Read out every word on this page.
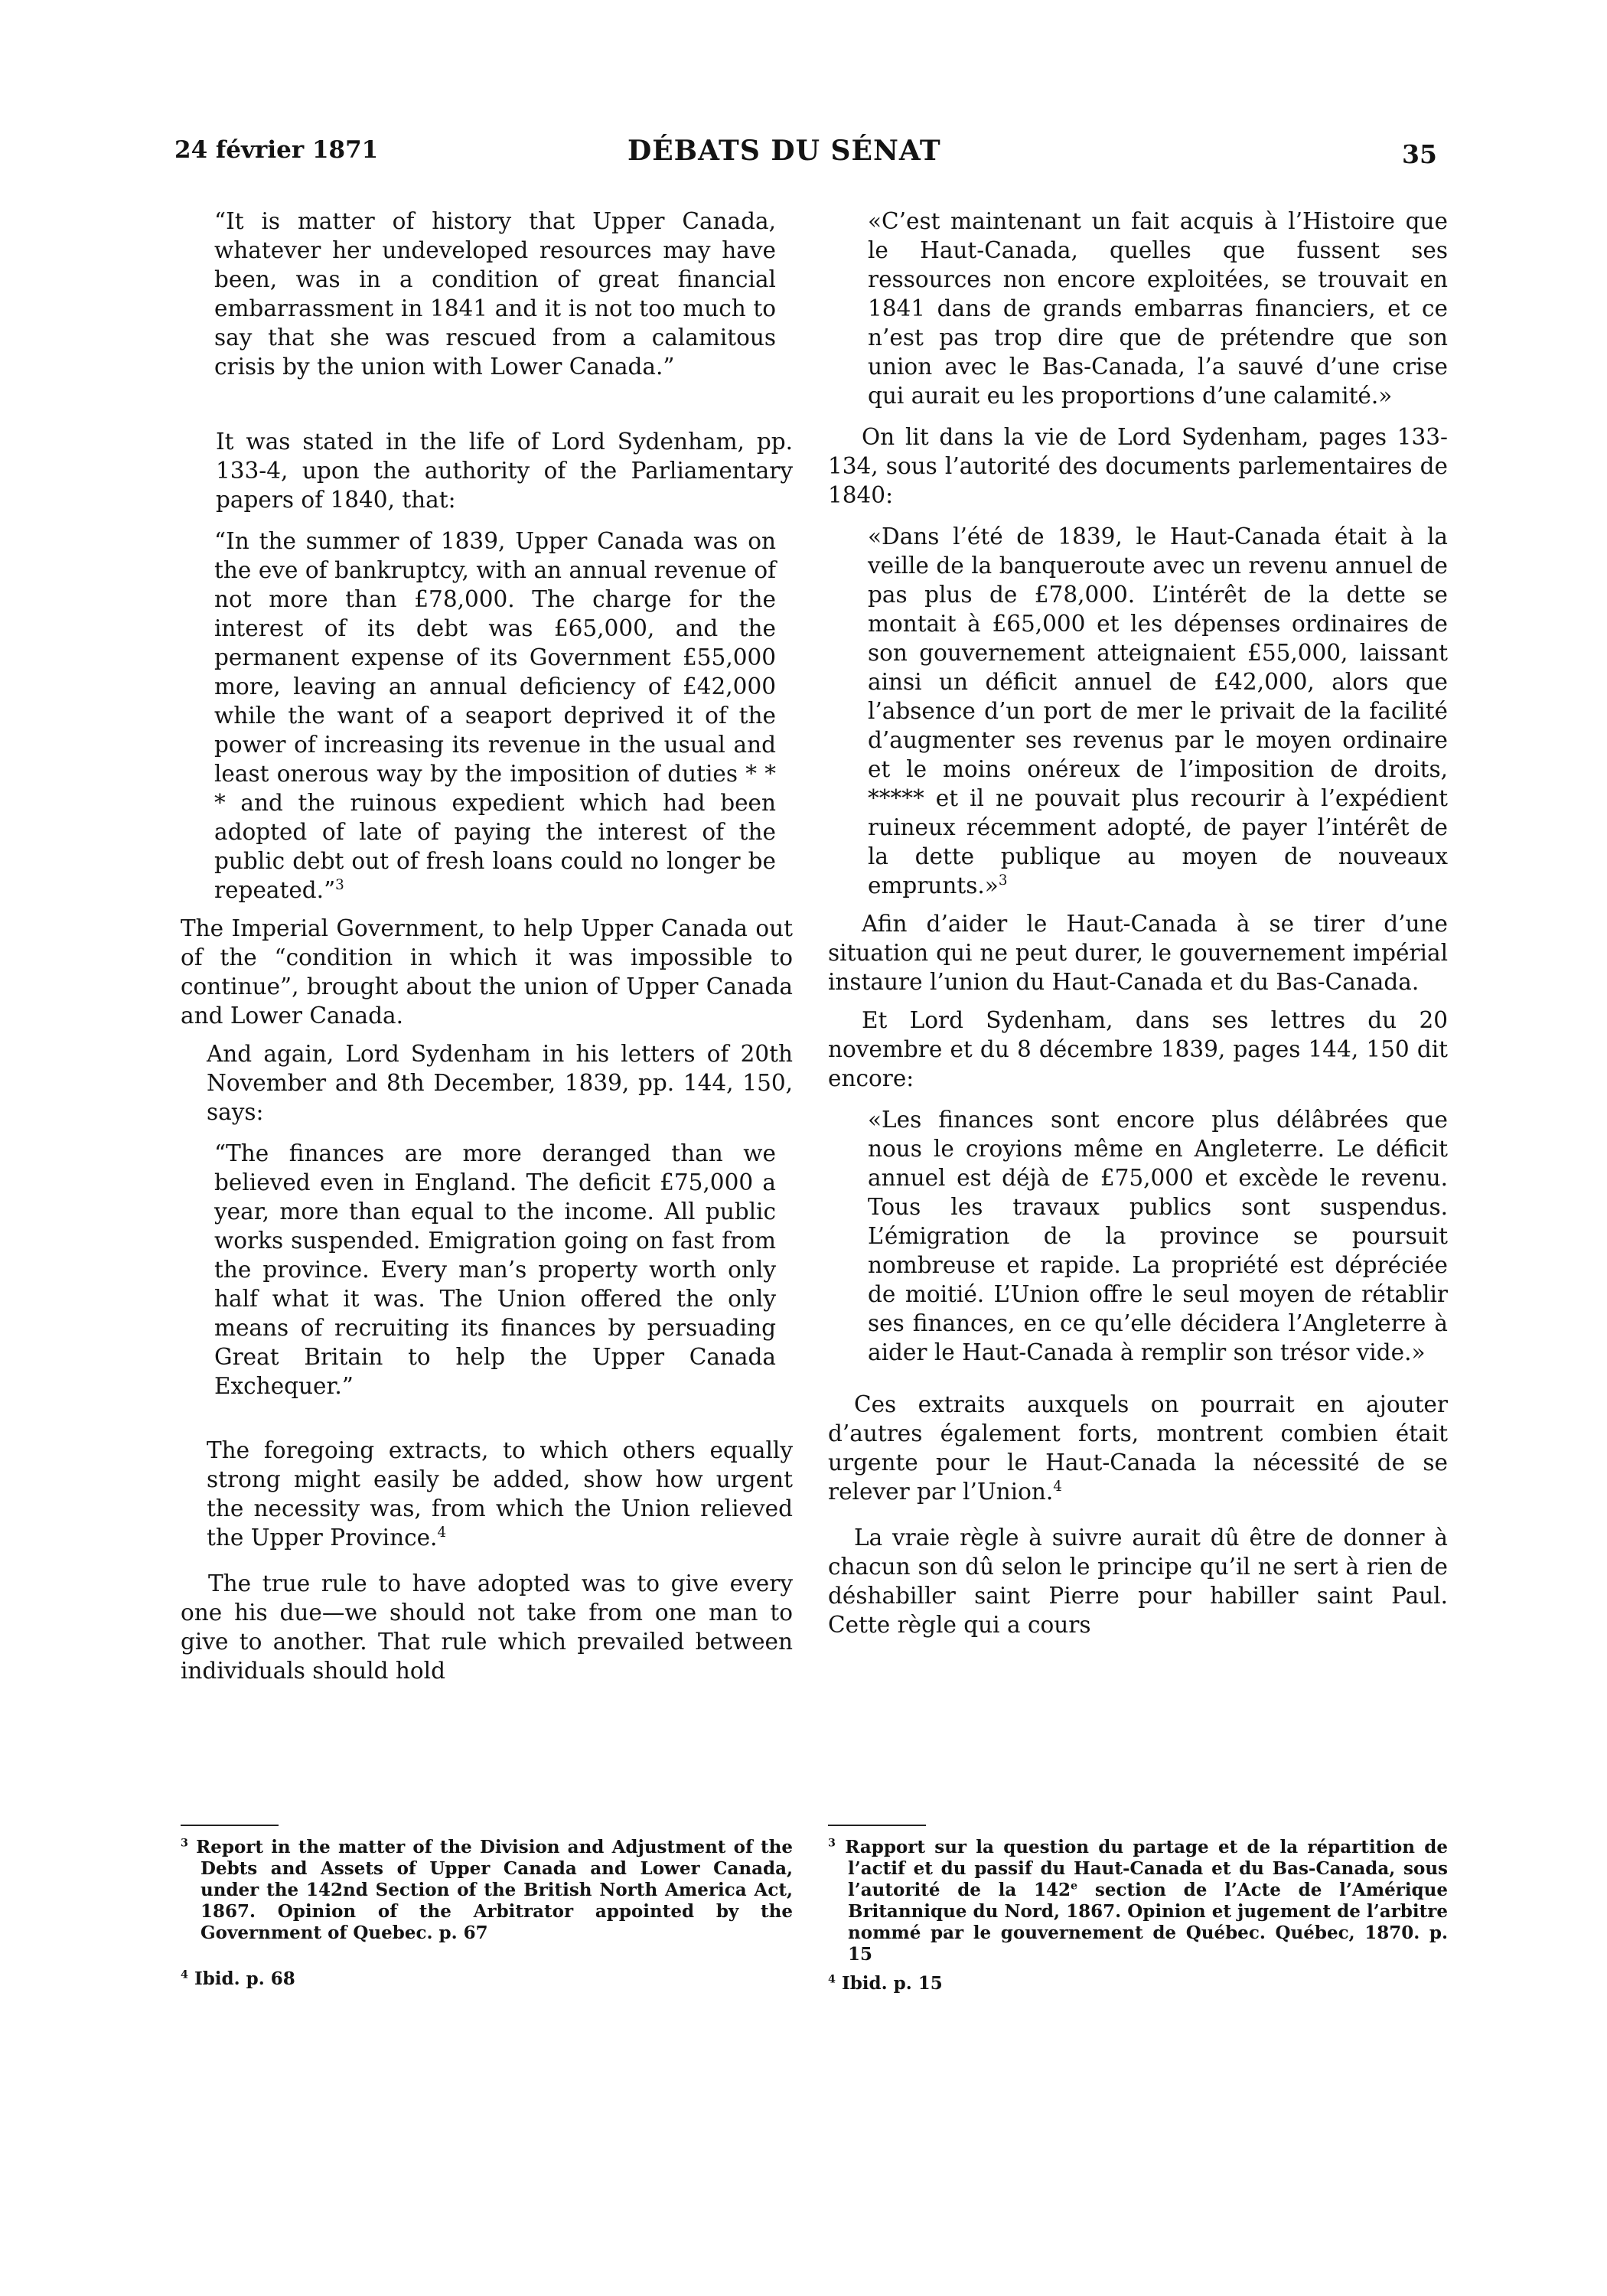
24 février 1871	DÉBATS DU SÉNAT	35

“It is matter of history that Upper Canada, whatever her undeveloped resources may have been, was in a condition of great financial embarrassment in 1841 and it is not too much to say that she was rescued from a calamitous crisis by the union with Lower Canada.”

It was stated in the life of Lord Sydenham, pp. 133-4, upon the authority of the Parliamentary papers of 1840, that:

“In the summer of 1839, Upper Canada was on the eve of bankruptcy, with an annual revenue of not more than £78,000. The charge for the interest of its debt was £65,000, and the permanent expense of its Government £55,000 more, leaving an annual deficiency of £42,000 while the want of a seaport deprived it of the power of increasing its revenue in the usual and least onerous way by the imposition of duties * * * and the ruinous expedient which had been adopted of late of paying the interest of the public debt out of fresh loans could no longer be repeated.”$^3$

The Imperial Government, to help Upper Canada out of the “condition in which it was impossible to continue”, brought about the union of Upper Canada and Lower Canada.

And again, Lord Sydenham in his letters of 20th November and 8th December, 1839, pp. 144, 150, says:

“The finances are more deranged than we believed even in England. The deficit £75,000 a year, more than equal to the income. All public works suspended. Emigration going on fast from the province. Every man’s property worth only half what it was. The Union offered the only means of recruiting its finances by persuading Great Britain to help the Upper Canada Exchequer.”

The foregoing extracts, to which others equally strong might easily be added, show how urgent the necessity was, from which the Union relieved the Upper Province.$^4$

The true rule to have adopted was to give every one his due—we should not take from one man to give to another. That rule which prevailed between individuals should hold

«C’est maintenant un fait acquis à l’Histoire que le Haut-Canada, quelles que fussent ses ressources non encore exploitées, se trouvait en 1841 dans de grands embarras financiers, et ce n’est pas trop dire que de prétendre que son union avec le Bas-Canada, l’a sauvé d’une crise qui aurait eu les proportions d’une calamité.»

On lit dans la vie de Lord Sydenham, pages 133-134, sous l’autorité des documents parlementaires de 1840:

«Dans l’été de 1839, le Haut-Canada était à la veille de la banqueroute avec un revenu annuel de pas plus de £78,000. L’intérêt de la dette se montait à £65,000 et les dépenses ordinaires de son gouvernement atteignaient £55,000, laissant ainsi un déficit annuel de £42,000, alors que l’absence d’un port de mer le privait de la facilité d’augmenter ses revenus par le moyen ordinaire et le moins onéreux de l’imposition de droits, ***** et il ne pouvait plus recourir à l’expédient ruineux récemment adopté, de payer l’intérêt de la dette publique au moyen de nouveaux emprunts.»$^3$

Afin d’aider le Haut-Canada à se tirer d’une situation qui ne peut durer, le gouvernement impérial instaure l’union du Haut-Canada et du Bas-Canada.

Et Lord Sydenham, dans ses lettres du 20 novembre et du 8 décembre 1839, pages 144, 150 dit encore:

«Les finances sont encore plus délâbrées que nous le croyions même en Angleterre. Le déficit annuel est déjà de £75,000 et excède le revenu. Tous les travaux publics sont suspendus. L’émigration de la province se poursuit nombreuse et rapide. La propriété est dépréciée de moitié. L’Union offre le seul moyen de rétablir ses finances, en ce qu’elle décidera l’Angleterre à aider le Haut-Canada à remplir son trésor vide.»

Ces extraits auxquels on pourrait en ajouter d’autres également forts, montrent combien était urgente pour le Haut-Canada la nécessité de se relever par l’Union.$^4$

La vraie règle à suivre aurait dû être de donner à chacun son dû selon le principe qu’il ne sert à rien de déshabiller saint Pierre pour habiller saint Paul. Cette règle qui a cours

$^3$ Report in the matter of the Division and Adjustment of the Debts and Assets of Upper Canada and Lower Canada, under the 142nd Section of the British North America Act, 1867. Opinion of the Arbitrator appointed by the Government of Quebec. p. 67

$^4$ Ibid. p. 68

$^3$ Rapport sur la question du partage et de la répartition de l’actif et du passif du Haut-Canada et du Bas-Canada, sous l’autorité de la 142e section de l’Acte de l’Amérique Britannique du Nord, 1867. Opinion et jugement de l’arbitre nommé par le gouvernement de Québec. Québec, 1870. p. 15

$^4$ Ibid. p. 15
